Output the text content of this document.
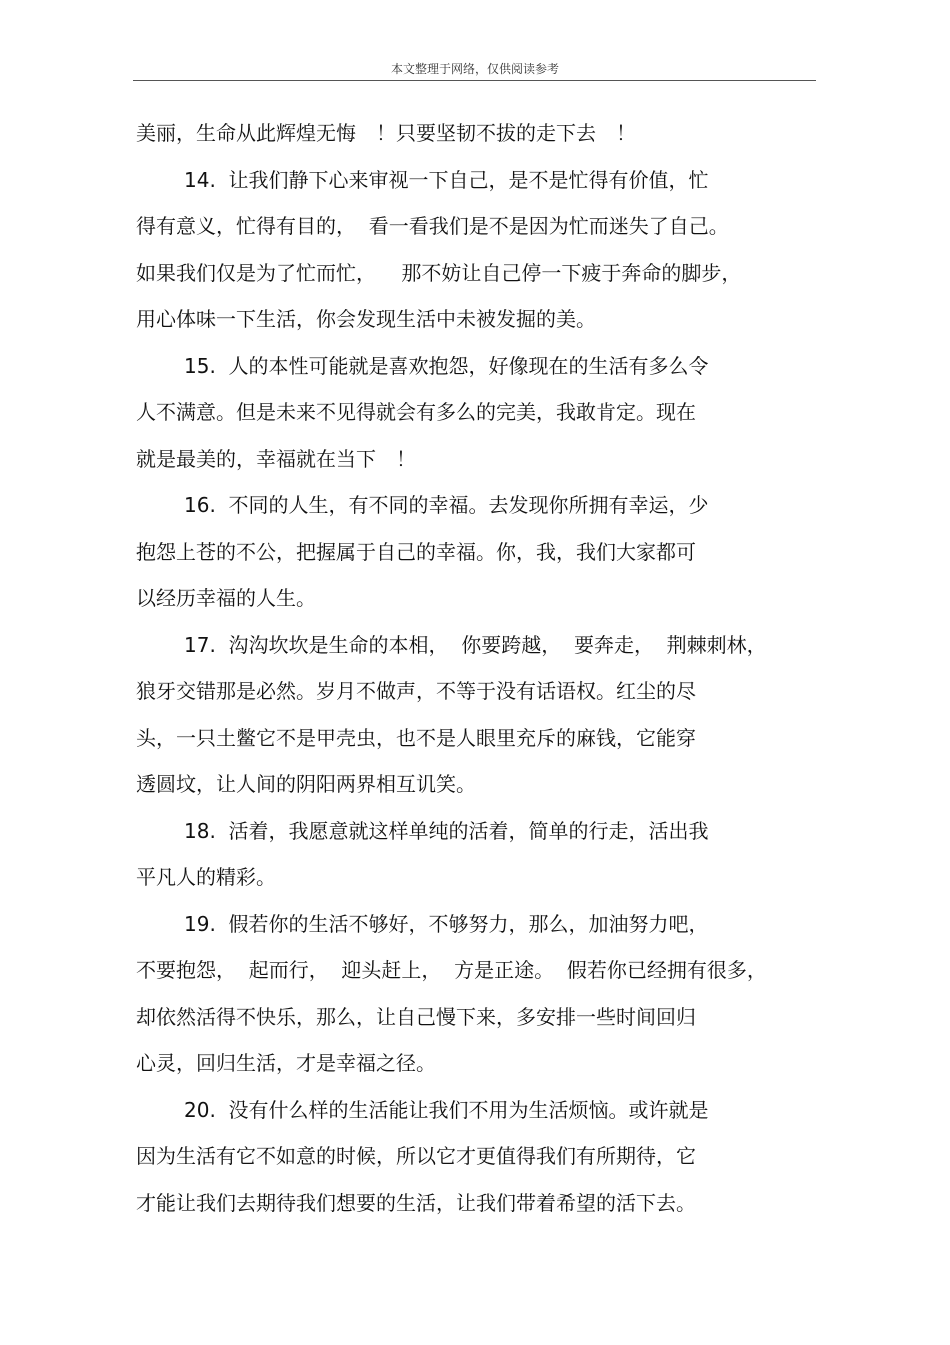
本文整理于网络，仅供阅读参考
美丽，生命从此辉煌无悔　！只要坚韧不拔的走下去　！
14.  让我们静下心来审视一下自己，是不是忙得有价值，忙
得有意义，忙得有目的，  看一看我们是不是因为忙而迷失了自己。
如果我们仅是为了忙而忙，    那不妨让自己停一下疲于奔命的脚步，
用心体味一下生活，你会发现生活中未被发掘的美。
15.  人的本性可能就是喜欢抱怨，好像现在的生活有多么令
人不满意。但是未来不见得就会有多么的完美，我敢肯定。现在
就是最美的，幸福就在当下　！
16.  不同的人生，有不同的幸福。去发现你所拥有幸运，少
抱怨上苍的不公，把握属于自己的幸福。你，我，我们大家都可
以经历幸福的人生。
17.  沟沟坎坎是生命的本相，  你要跨越，  要奔走，  荆棘刺林，
狼牙交错那是必然。岁月不做声，不等于没有话语权。红尘的尽
头，一只土鳖它不是甲壳虫，也不是人眼里充斥的麻钱，它能穿
透圆坟，让人间的阴阳两界相互讥笑。
18.  活着，我愿意就这样单纯的活着，简单的行走，活出我
平凡人的精彩。
19.  假若你的生活不够好，不够努力，那么，加油努力吧，
不要抱怨，  起而行，  迎头赶上，  方是正途。  假若你已经拥有很多，
却依然活得不快乐，那么，让自己慢下来，多安排一些时间回归
心灵，回归生活，才是幸福之径。
20.  没有什么样的生活能让我们不用为生活烦恼。或许就是
因为生活有它不如意的时候，所以它才更值得我们有所期待，它
才能让我们去期待我们想要的生活，让我们带着希望的活下去。
